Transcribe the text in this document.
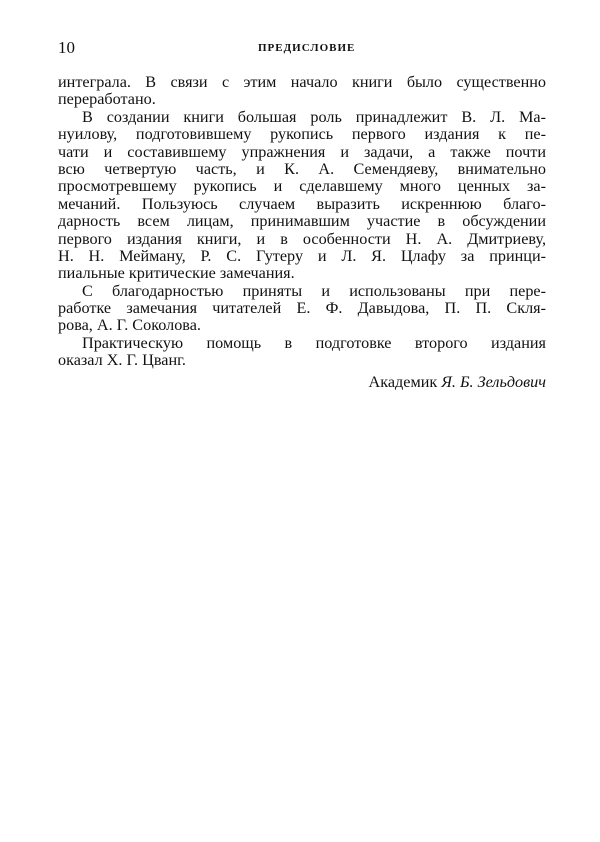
10	ПРЕДИСЛОВИЕ
интеграла. В связи с этим начало книги было существенно
переработано.
В создании книги большая роль принадлежит В. Л. Ма-
нуилову, подготовившему рукопись первого издания к пе-
чати и составившему упражнения и задачи, а также почти
всю четвертую часть, и К. А. Семендяеву, внимательно
просмотревшему рукопись и сделавшему много ценных за-
мечаний. Пользуюсь случаем выразить искреннюю благо-
дарность всем лицам, принимавшим участие в обсуждении
первого издания книги, и в особенности Н. А. Дмитриеву,
Н. Н. Мейману, Р. С. Гутеру и Л. Я. Цлафу за принци-
пиальные критические замечания.
С благодарностью приняты и использованы при пере-
работке замечания читателей Е. Ф. Давыдова, П. П. Скля-
рова, А. Г. Соколова.
Практическую помощь в подготовке второго издания
оказал Х. Г. Цванг.
Академик Я. Б. Зельдович
